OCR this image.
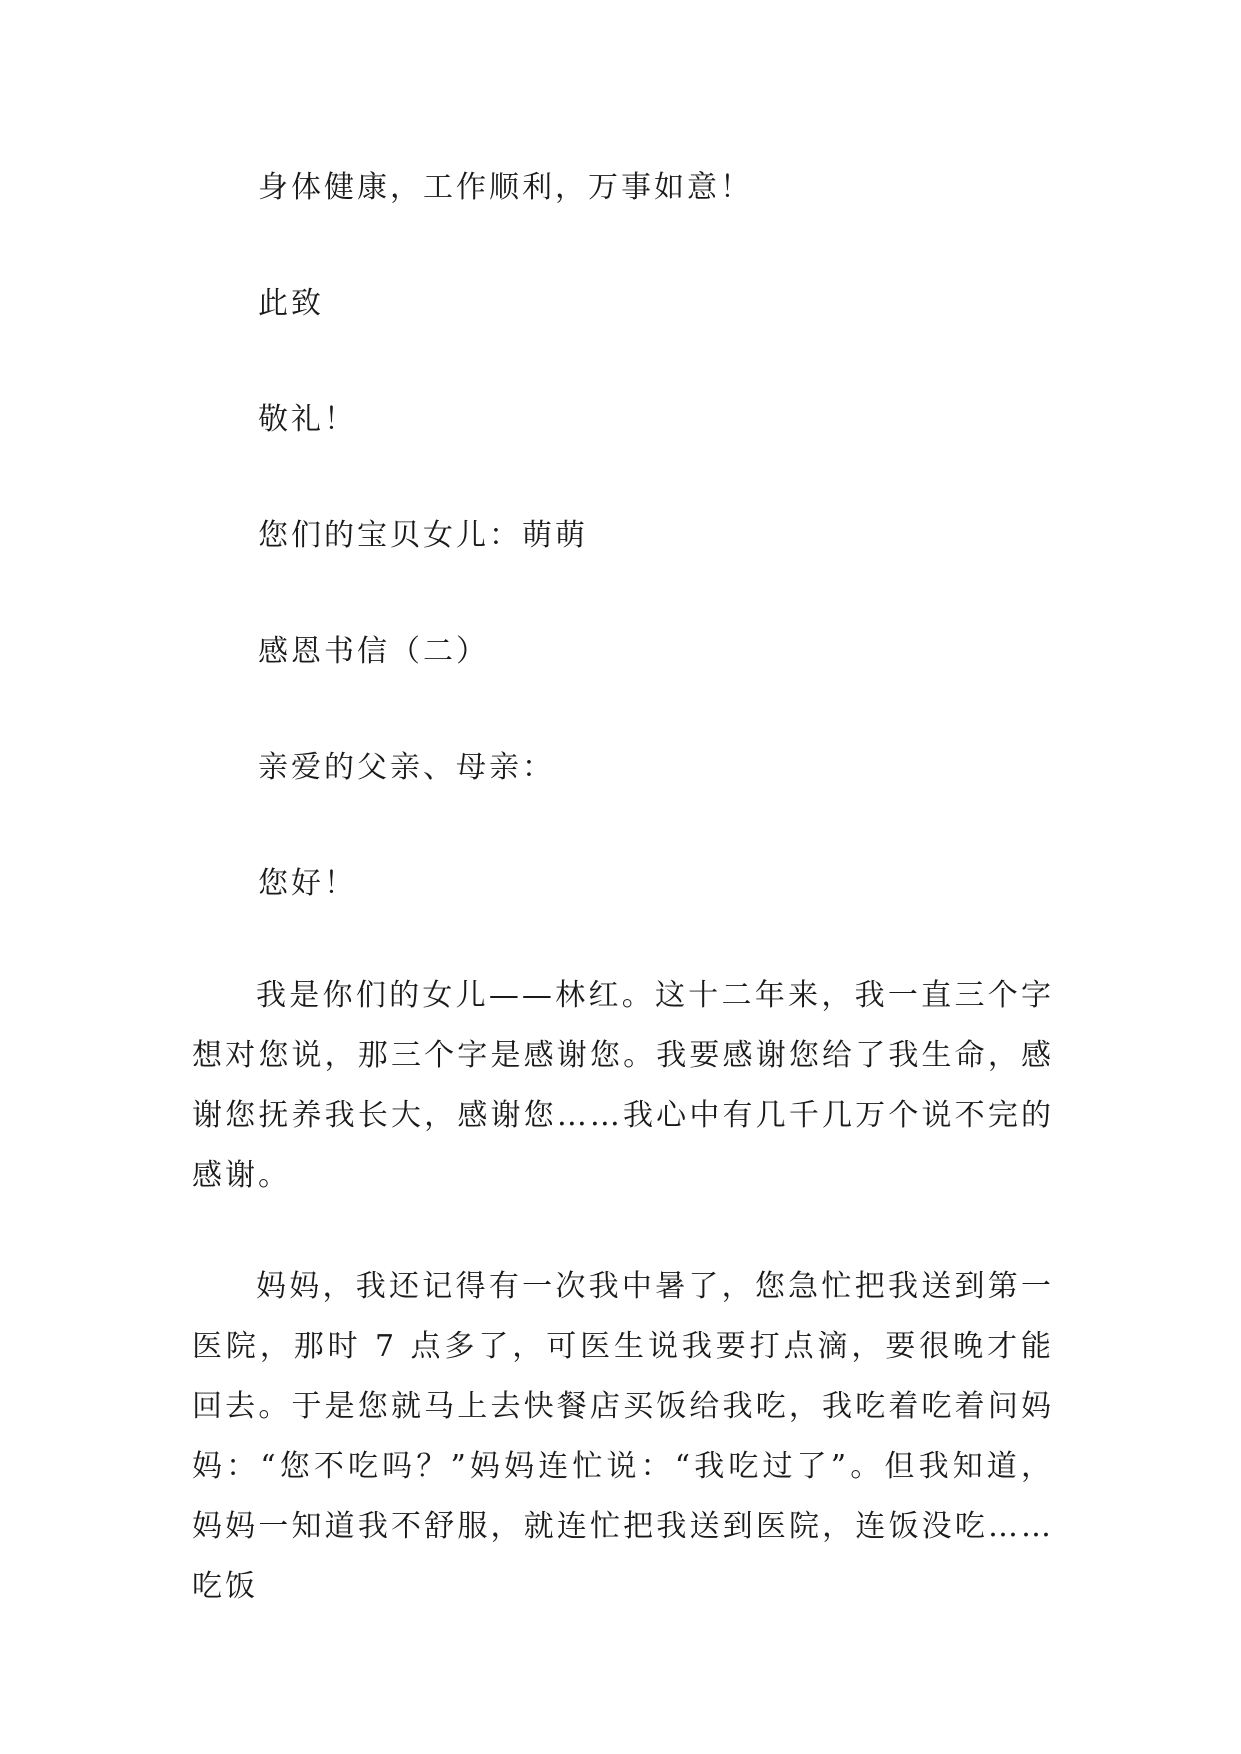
身体健康，工作顺利，万事如意！
此致
敬礼！
您们的宝贝女儿：萌萌
感恩书信（二）
亲爱的父亲、母亲：
您好！

我是你们的女儿——林红。这十二年来，我一直三个字想对您说，那三个字是感谢您。我要感谢您给了我生命，感谢您抚养我长大，感谢您……我心中有几千几万个说不完的感谢。

妈妈，我还记得有一次我中暑了，您急忙把我送到第一医院，那时 7 点多了，可医生说我要打点滴，要很晚才能回去。于是您就马上去快餐店买饭给我吃，我吃着吃着问妈妈：“您不吃吗？”妈妈连忙说：“我吃过了”。但我知道，妈妈一知道我不舒服，就连忙把我送到医院，连饭没吃……吃饭
